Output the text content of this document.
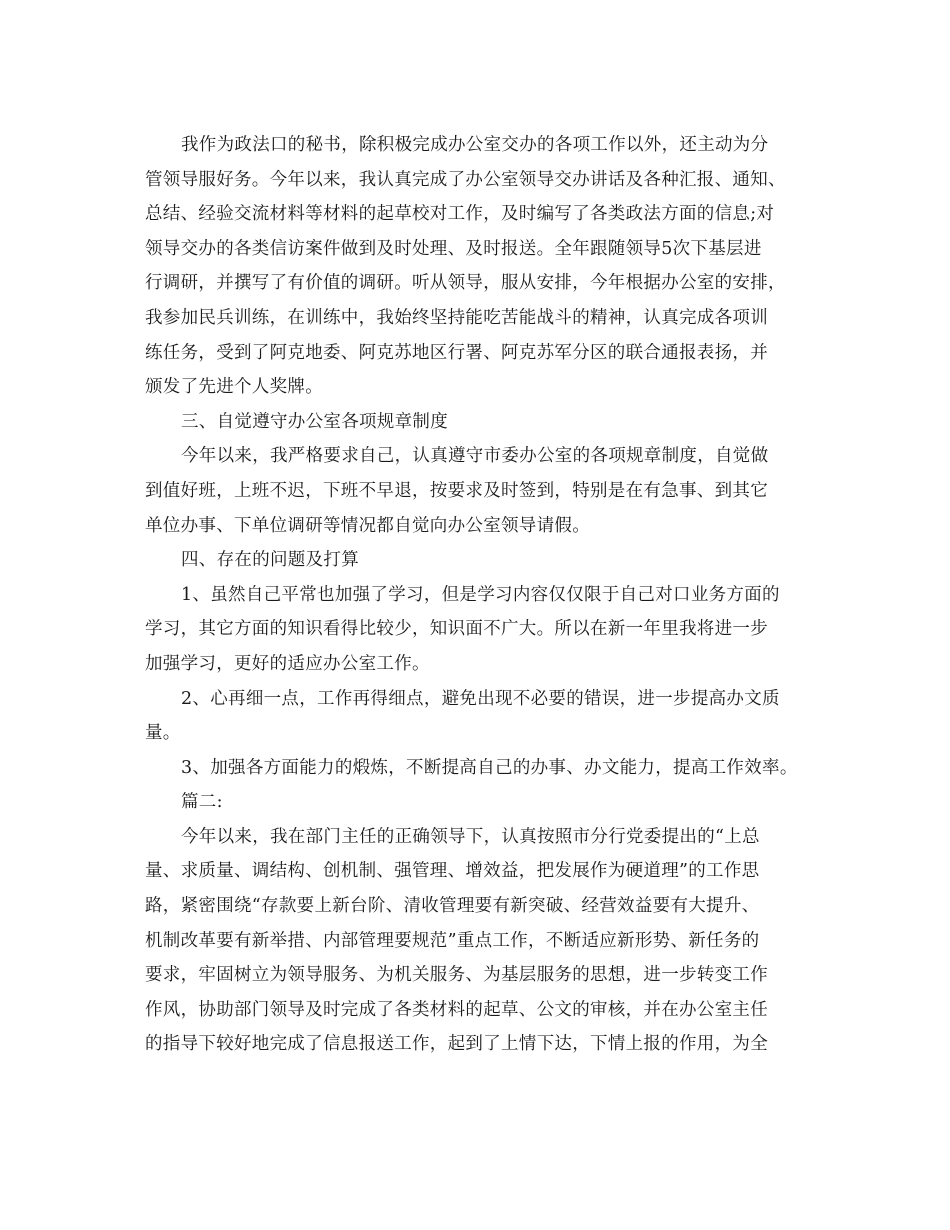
我作为政法口的秘书，除积极完成办公室交办的各项工作以外，还主动为分
管领导服好务。今年以来，我认真完成了办公室领导交办讲话及各种汇报、通知、
总结、经验交流材料等材料的起草校对工作，及时编写了各类政法方面的信息;对
领导交办的各类信访案件做到及时处理、及时报送。全年跟随领导5次下基层进
行调研，并撰写了有价值的调研。听从领导，服从安排，今年根据办公室的安排，
我参加民兵训练，在训练中，我始终坚持能吃苦能战斗的精神，认真完成各项训
练任务，受到了阿克地委、阿克苏地区行署、阿克苏军分区的联合通报表扬，并
颁发了先进个人奖牌。
三、自觉遵守办公室各项规章制度
今年以来，我严格要求自己，认真遵守市委办公室的各项规章制度，自觉做
到值好班，上班不迟，下班不早退，按要求及时签到，特别是在有急事、到其它
单位办事、下单位调研等情况都自觉向办公室领导请假。
四、存在的问题及打算
1、虽然自己平常也加强了学习，但是学习内容仅仅限于自己对口业务方面的
学习，其它方面的知识看得比较少，知识面不广大。所以在新一年里我将进一步
加强学习，更好的适应办公室工作。
2、心再细一点，工作再得细点，避免出现不必要的错误，进一步提高办文质
量。
3、加强各方面能力的煅炼，不断提高自己的办事、办文能力，提高工作效率。
篇二:
今年以来，我在部门主任的正确领导下，认真按照市分行党委提出的“上总
量、求质量、调结构、创机制、强管理、增效益，把发展作为硬道理”的工作思
路，紧密围绕“存款要上新台阶、清收管理要有新突破、经营效益要有大提升、
机制改革要有新举措、内部管理要规范”重点工作，不断适应新形势、新任务的
要求，牢固树立为领导服务、为机关服务、为基层服务的思想，进一步转变工作
作风，协助部门领导及时完成了各类材料的起草、公文的审核，并在办公室主任
的指导下较好地完成了信息报送工作，起到了上情下达，下情上报的作用，为全
